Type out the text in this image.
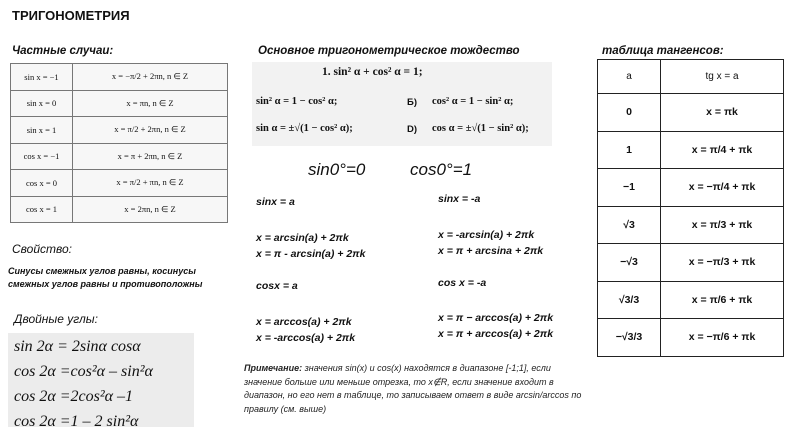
ТРИГОНОМЕТРИЯ
Частные случаи:
sin x = −1	x = −π/2 + 2πn, n ∈ Z
sin x = 0	x = πn, n ∈ Z
sin x = 1	x = π/2 + 2πn, n ∈ Z
cos x = −1	x = π + 2πn, n ∈ Z
cos x = 0	x = π/2 + πn, n ∈ Z
cos x = 1	x = 2πn, n ∈ Z
Свойство:
Синусы смежных углов равны, косинусы смежных углов равны и противоположны
Двойные углы:
sin 2α = 2sinα cosα
cos 2α =cos²α – sin²α
cos 2α =2cos²α –1
cos 2α =1 – 2 sin²α
Основное тригонометрическое тождество
1. sin² α + cos² α = 1;
sin² α = 1 − cos² α;	Б) cos² α = 1 − sin² α;
sin α = ±√(1 − cos² α);	D) cos α = ±√(1 − sin² α);
sin0°=0	cos0°=1
sinx = a
x = arcsin(a) + 2πk
x = π - arcsin(a) + 2πk
sinx = -a
x = -arcsin(a) + 2πk
x = π + arcsina + 2πk
cosx = a
x = arccos(a) + 2πk
x = -arccos(a) + 2πk
cos x = -a
x = π − arccos(a) + 2πk
x = π + arccos(a) + 2πk
Примечание: значения sin(x) и cos(x) находятся в диапазоне [-1;1], если значение больше или меньше отрезка, то x∉R, если значение входит в диапазон, но его нет в таблице, то записываем ответ в виде arcsin/arccos по правилу (см. выше)
таблица тангенсов:
a	tg x = a
0	x = πk
1	x = π/4 + πk
−1	x = −π/4 + πk
√3	x = π/3 + πk
−√3	x = −π/3 + πk
√3/3	x = π/6 + πk
−√3/3	x = −π/6 + πk
